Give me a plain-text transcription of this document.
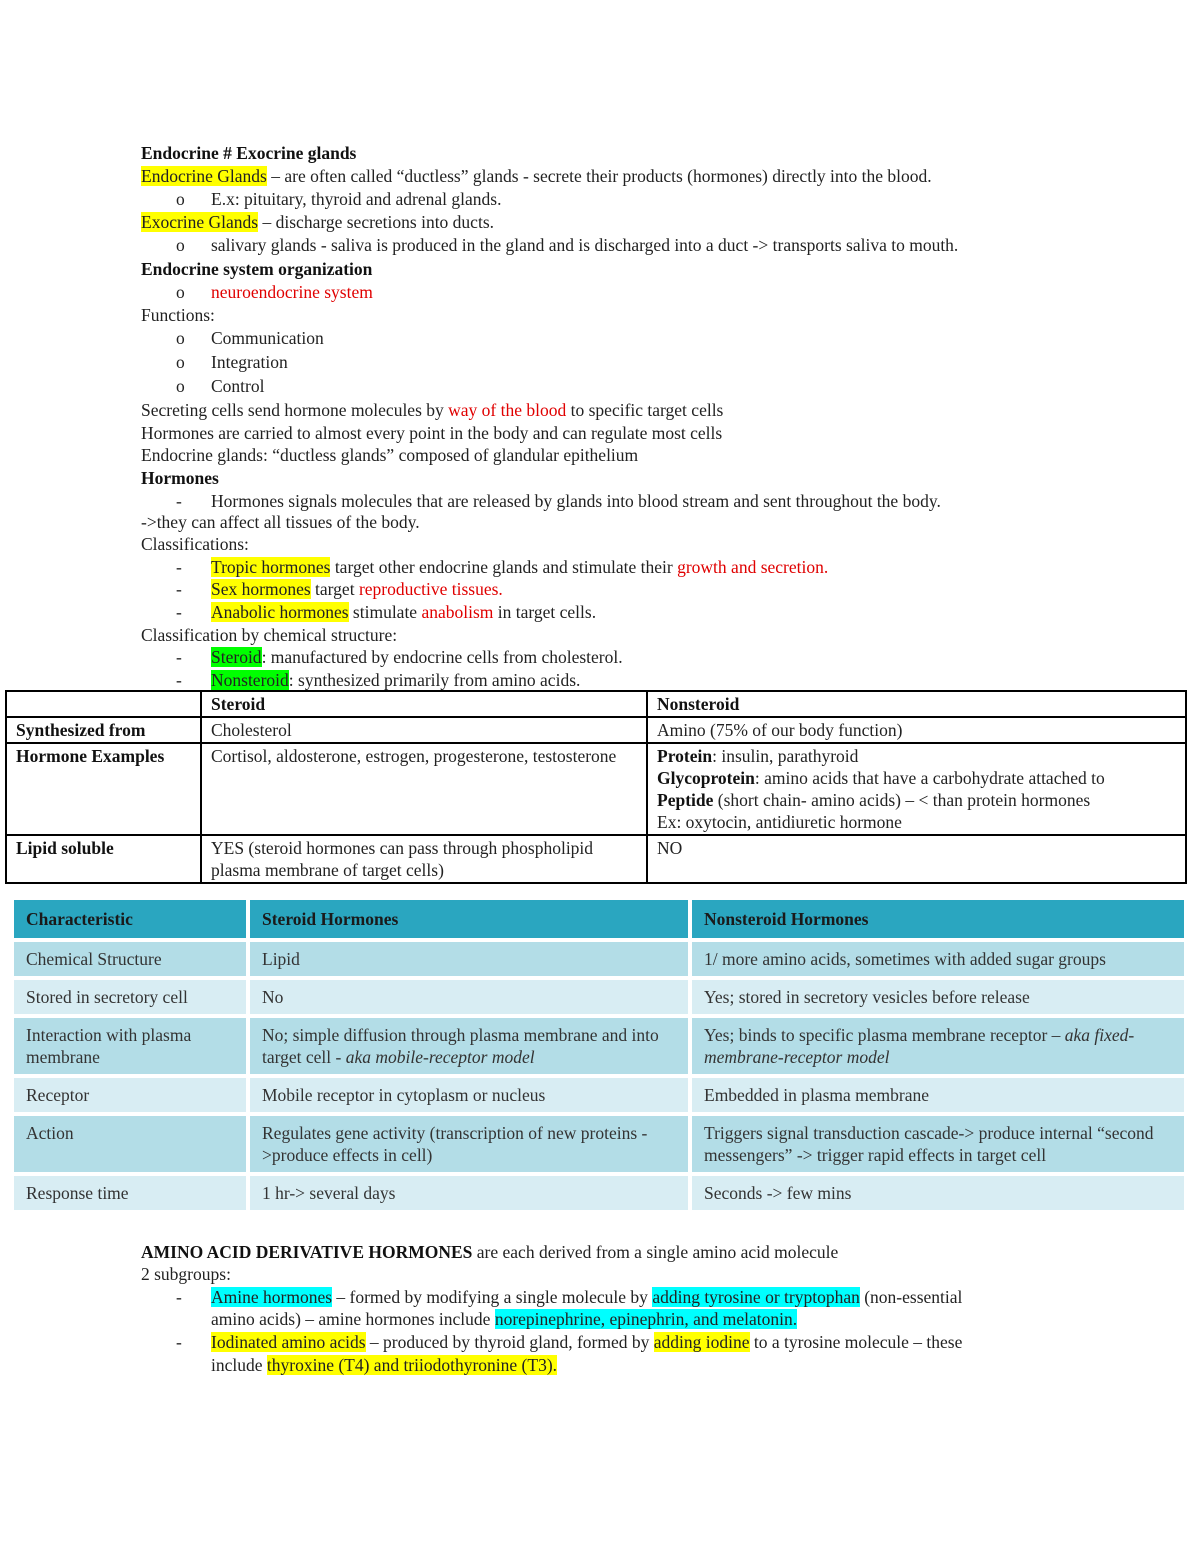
Endocrine # Exocrine glands
Endocrine Glands – are often called “ductless” glands - secrete their products (hormones) directly into the blood.
o	E.x: pituitary, thyroid and adrenal glands.
Exocrine Glands – discharge secretions into ducts.
o	salivary glands - saliva is produced in the gland and is discharged into a duct -> transports saliva to mouth.
Endocrine system organization
o	neuroendocrine system
Functions:
o	Communication
o	Integration
o	Control
Secreting cells send hormone molecules by way of the blood to specific target cells
Hormones are carried to almost every point in the body and can regulate most cells
Endocrine glands: “ductless glands” composed of glandular epithelium
Hormones
-	Hormones signals molecules that are released by glands into blood stream and sent throughout the body.
->they can affect all tissues of the body.
Classifications:
-	Tropic hormones target other endocrine glands and stimulate their growth and secretion.
-	Sex hormones target reproductive tissues.
-	Anabolic hormones stimulate anabolism in target cells.
Classification by chemical structure:
-	Steroid: manufactured by endocrine cells from cholesterol.
-	Nonsteroid: synthesized primarily from amino acids.
	Steroid	Nonsteroid
Synthesized from	Cholesterol	Amino (75% of our body function)
Hormone Examples	Cortisol, aldosterone, estrogen, progesterone, testosterone	Protein: insulin, parathyroid
Glycoprotein: amino acids that have a carbohydrate attached to
Peptide (short chain- amino acids) – < than protein hormones
Ex: oxytocin, antidiuretic hormone

Lipid soluble	YES (steroid hormones can pass through phospholipid plasma membrane of target cells)	NO
Characteristic	Steroid Hormones	Nonsteroid Hormones
Chemical Structure	Lipid	1/ more amino acids, sometimes with added sugar groups
Stored in secretory cell	No	Yes; stored in secretory vesicles before release
Interaction with plasma membrane	No; simple diffusion through plasma membrane and into target cell - aka mobile-receptor model	Yes; binds to specific plasma membrane receptor – aka fixed-membrane-receptor model
Receptor	Mobile receptor in cytoplasm or nucleus	Embedded in plasma membrane
Action	Regulates gene activity (transcription of new proteins ->produce effects in cell)	Triggers signal transduction cascade-> produce internal “second messengers” -> trigger rapid effects in target cell
Response time	1 hr-> several days	Seconds -> few mins
AMINO ACID DERIVATIVE HORMONES are each derived from a single amino acid molecule
2 subgroups:
-	Amine hormones – formed by modifying a single molecule by adding tyrosine or tryptophan (non-essential
amino acids) – amine hormones include norepinephrine, epinephrin, and melatonin.
-	Iodinated amino acids – produced by thyroid gland, formed by adding iodine to a tyrosine molecule – these
include thyroxine (T4) and triiodothyronine (T3).
